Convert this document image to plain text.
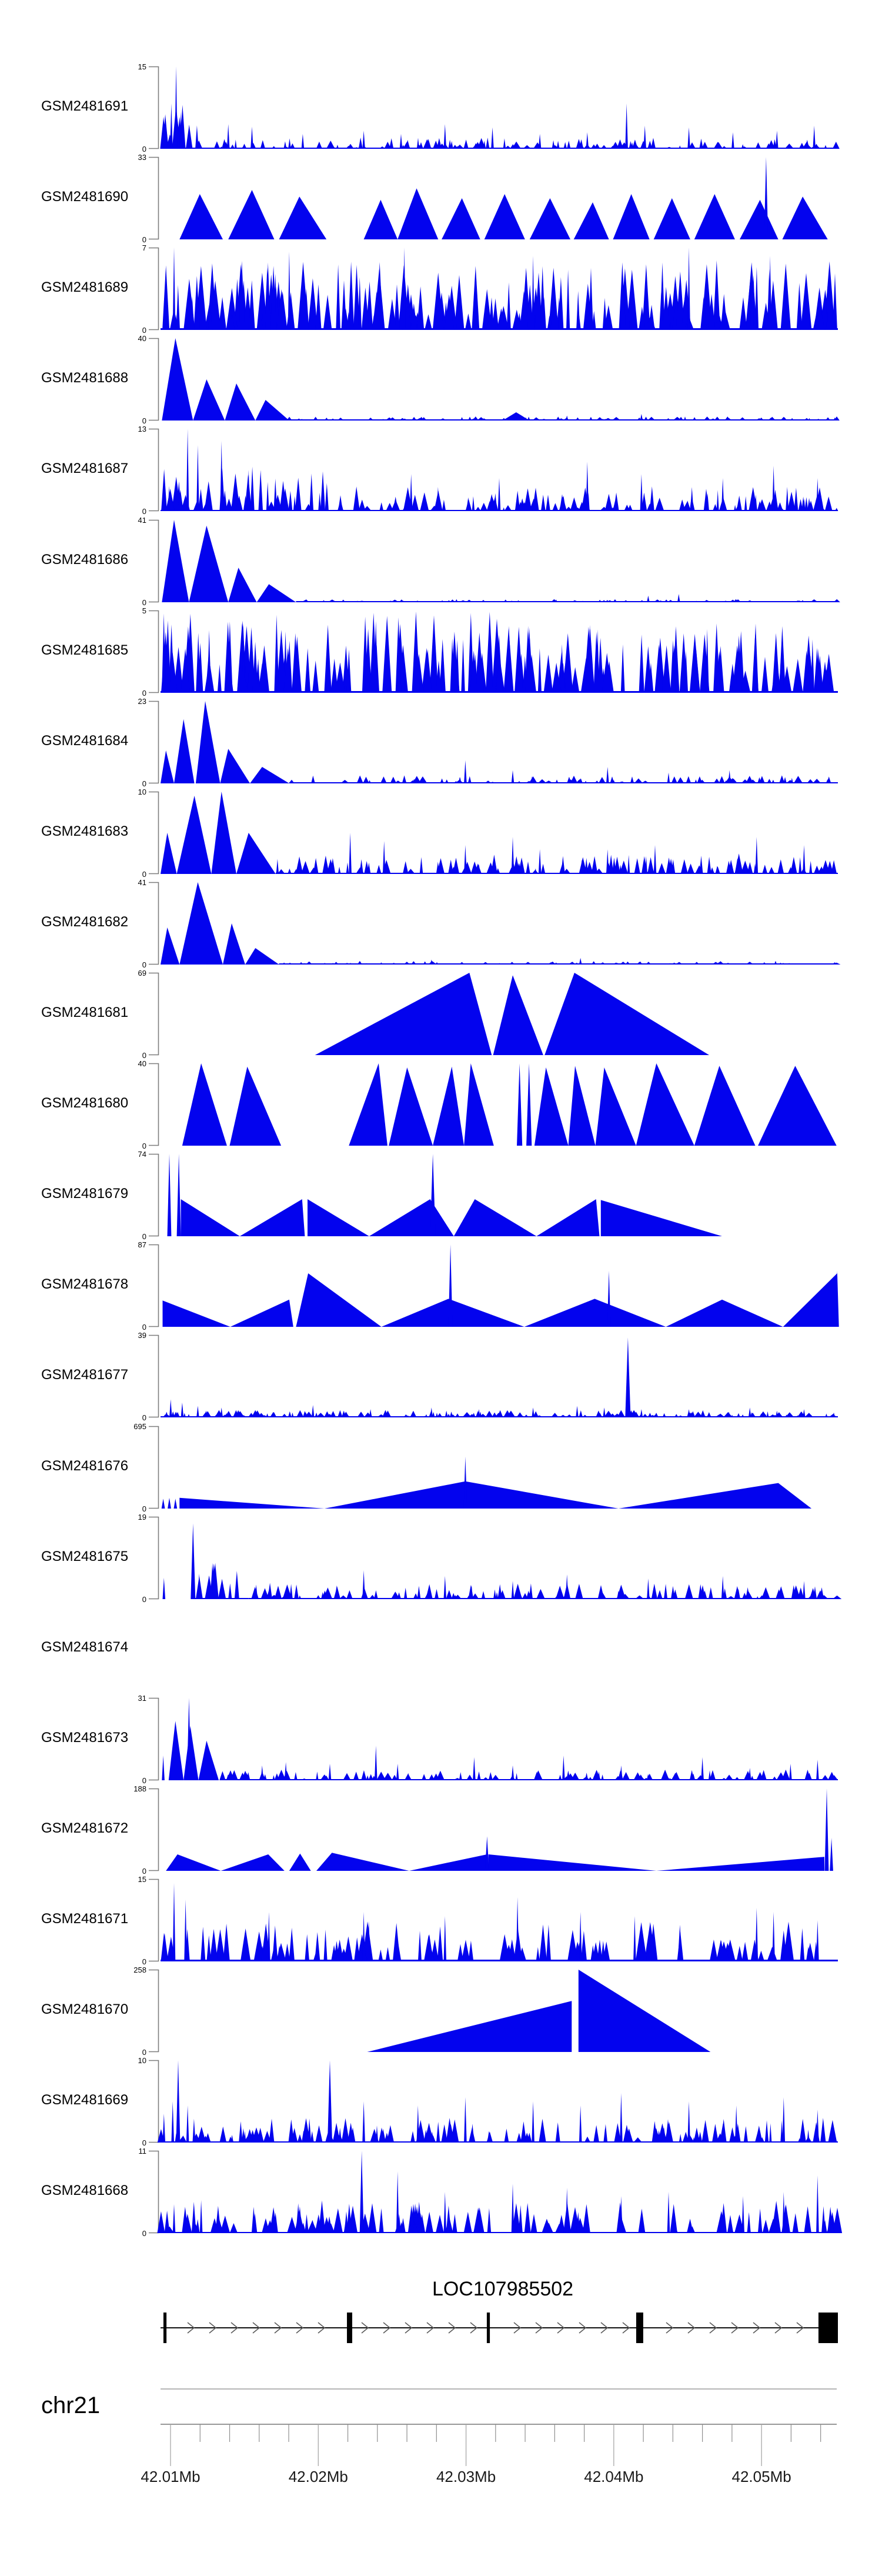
GSM2481691
15
0
GSM2481690
33
0
GSM2481689
7
0
GSM2481688
40
0
GSM2481687
13
0
GSM2481686
41
0
GSM2481685
5
0
GSM2481684
23
0
GSM2481683
10
0
GSM2481682
41
0
GSM2481681
69
0
GSM2481680
40
0
GSM2481679
74
0
GSM2481678
87
0
GSM2481677
39
0
GSM2481676
695
0
GSM2481675
19
0
GSM2481674
GSM2481673
31
0
GSM2481672
188
0
GSM2481671
15
0
GSM2481670
258
0
GSM2481669
10
0
GSM2481668
11
0
LOC107985502
chr21
42.01Mb	42.02Mb	42.03Mb	42.04Mb	42.05Mb
